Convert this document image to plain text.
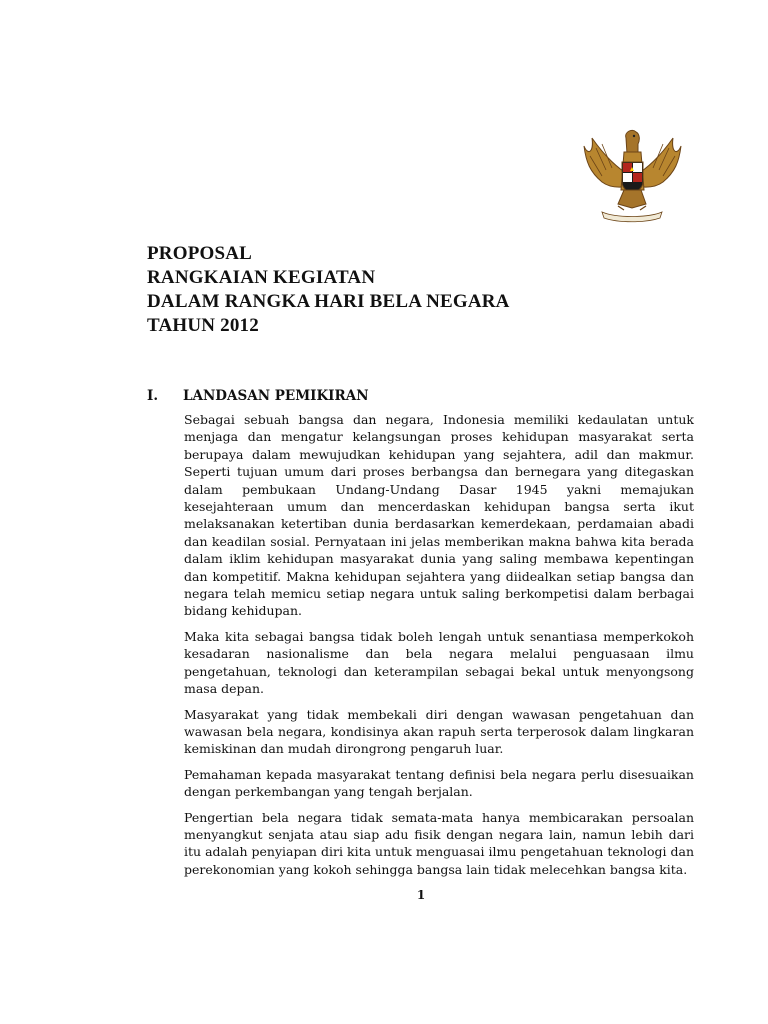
PROPOSAL
RANGKAIAN KEGIATAN
DALAM RANGKA HARI BELA NEGARA
TAHUN 2012
I. LANDASAN PEMIKIRAN

Sebagai sebuah bangsa dan negara, Indonesia memiliki kedaulatan untuk menjaga dan mengatur kelangsungan proses kehidupan masyarakat serta berupaya dalam mewujudkan kehidupan yang sejahtera, adil dan makmur. Seperti tujuan umum dari proses berbangsa dan bernegara yang ditegaskan dalam pembukaan Undang-Undang Dasar 1945 yakni memajukan kesejahteraan umum dan mencerdaskan kehidupan bangsa serta ikut melaksanakan ketertiban dunia berdasarkan kemerdekaan, perdamaian abadi dan keadilan sosial. Pernyataan ini jelas memberikan makna bahwa kita berada dalam iklim kehidupan masyarakat dunia yang saling membawa kepentingan dan kompetitif. Makna kehidupan sejahtera yang diidealkan setiap bangsa dan negara telah memicu setiap negara untuk saling berkompetisi dalam berbagai bidang kehidupan.

Maka kita sebagai bangsa tidak boleh lengah untuk senantiasa memperkokoh kesadaran nasionalisme dan bela negara melalui penguasaan ilmu pengetahuan, teknologi dan keterampilan sebagai bekal untuk menyongsong masa depan.

Masyarakat yang tidak membekali diri dengan wawasan pengetahuan dan wawasan bela negara, kondisinya akan rapuh serta terperosok dalam lingkaran kemiskinan dan mudah dirongrong pengaruh luar.

Pemahaman kepada masyarakat tentang definisi bela negara perlu disesuaikan dengan perkembangan yang tengah berjalan.

Pengertian bela negara tidak semata-mata hanya membicarakan persoalan menyangkut senjata atau siap adu fisik dengan negara lain, namun lebih dari itu adalah penyiapan diri kita untuk menguasai ilmu pengetahuan teknologi dan perekonomian yang kokoh sehingga bangsa lain tidak melecehkan bangsa kita.

1
